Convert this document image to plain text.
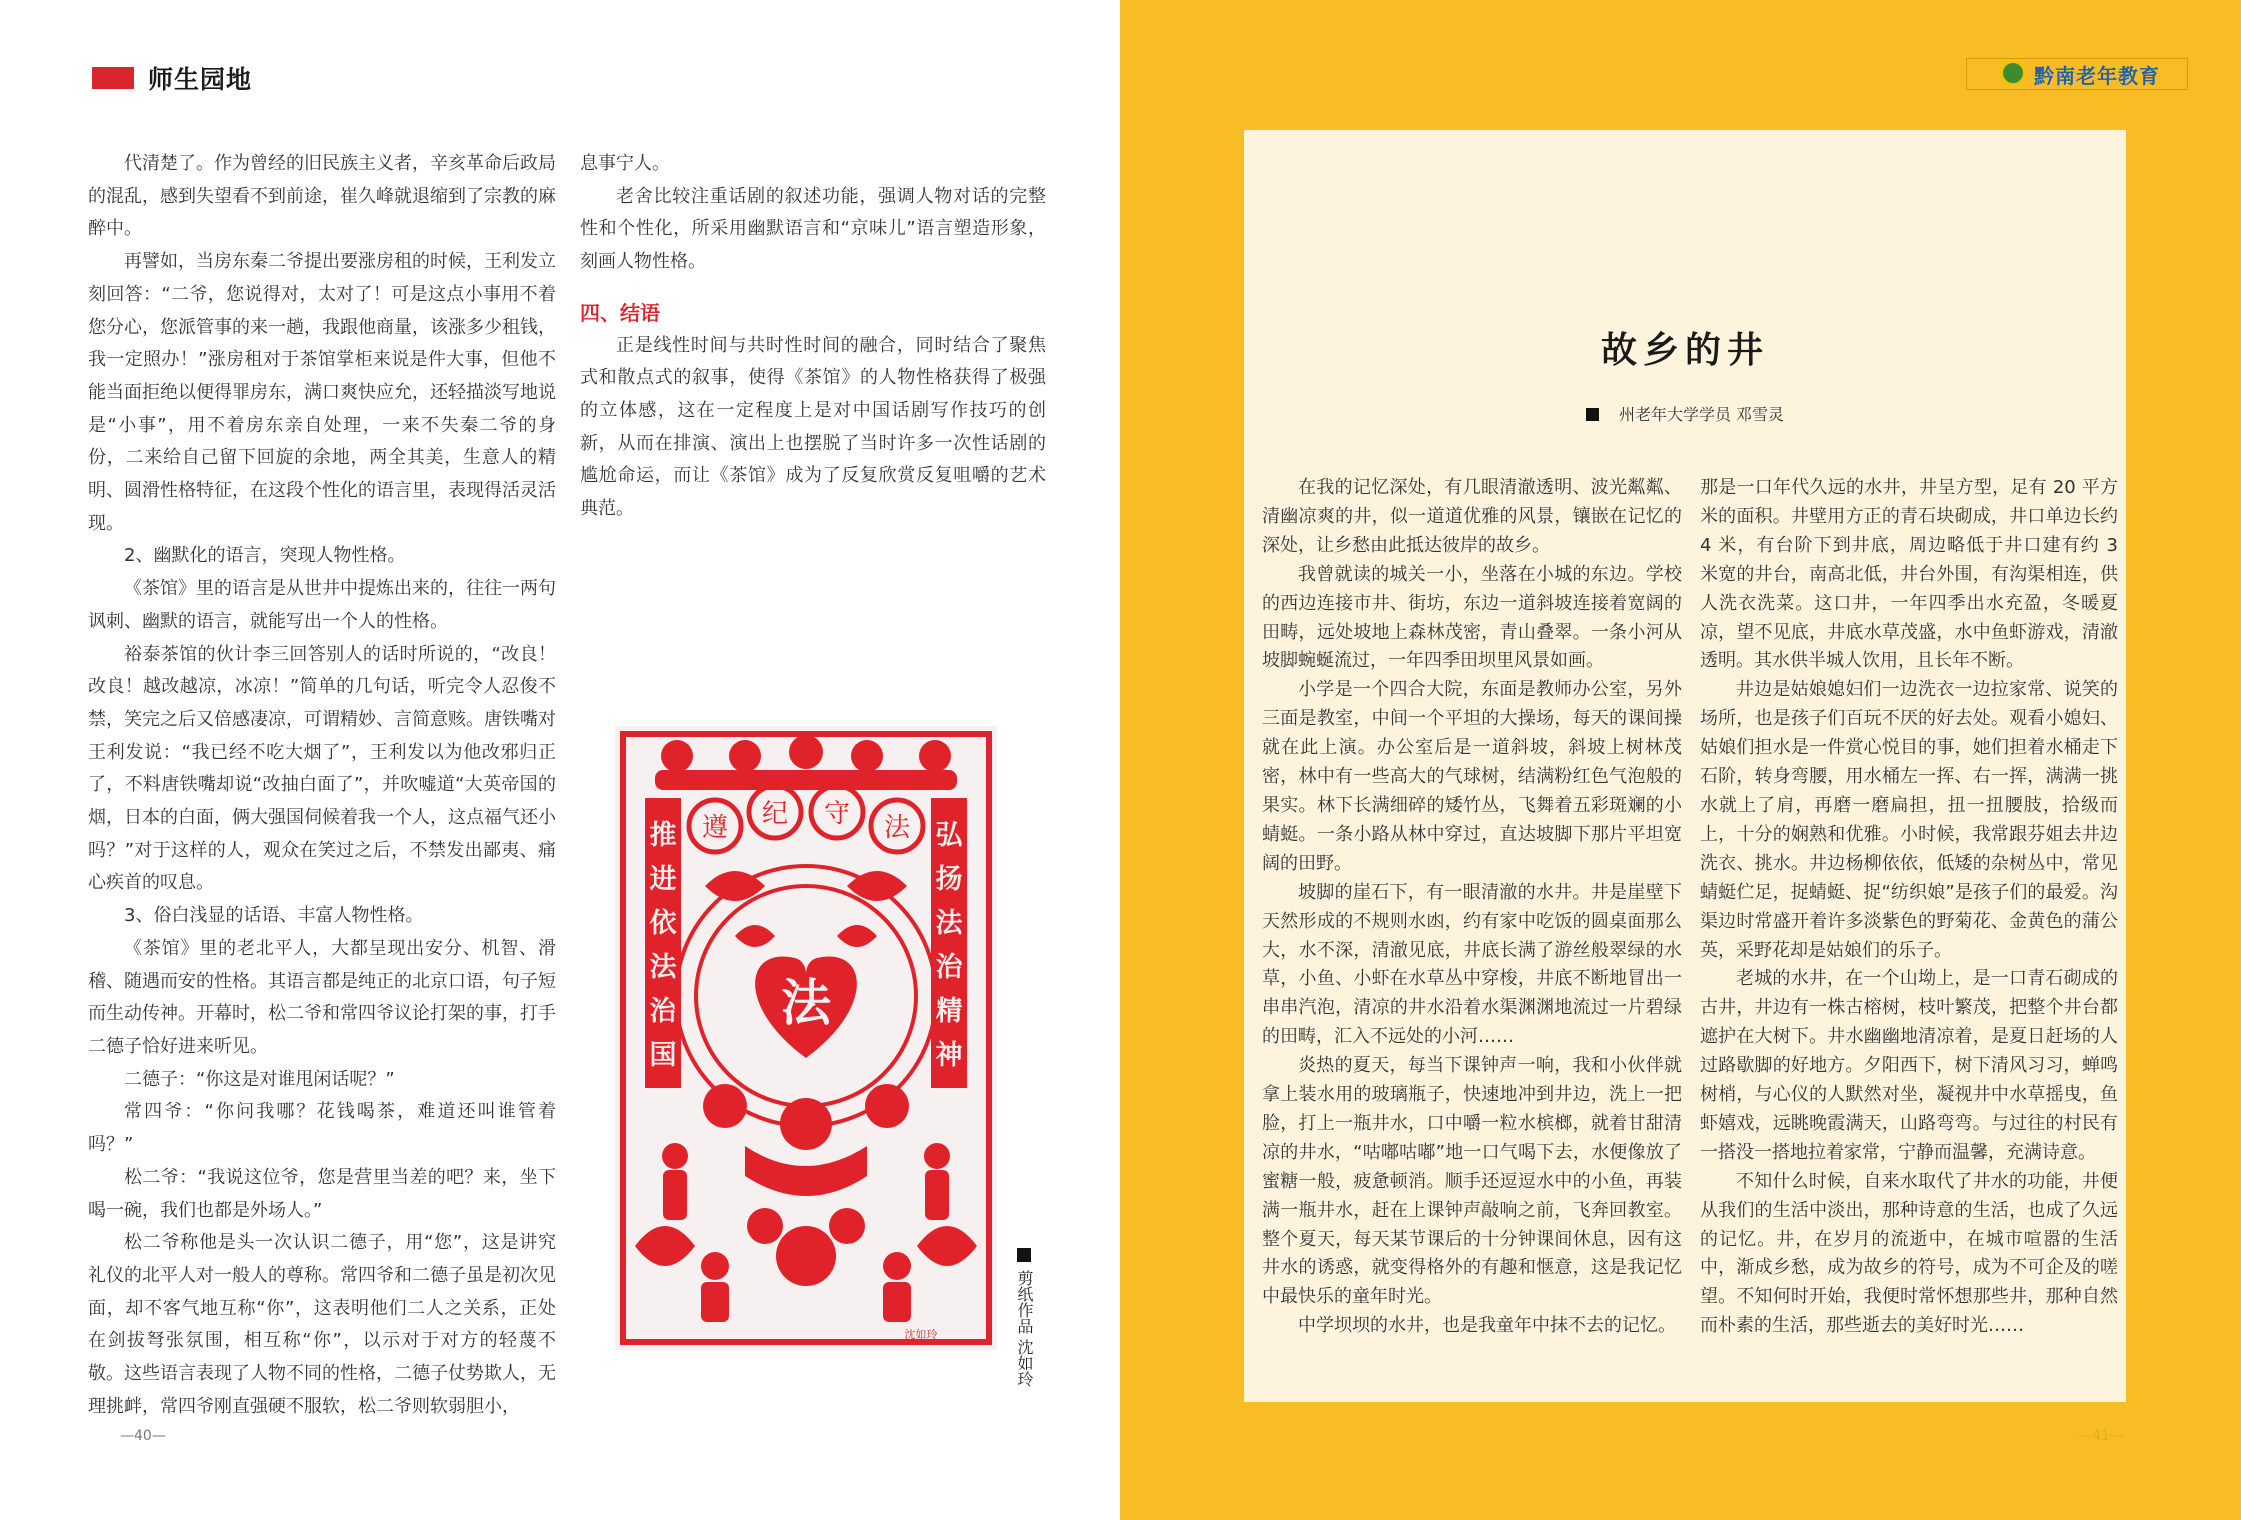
师生园地

代清楚了。作为曾经的旧民族主义者，辛亥革命后政局的混乱，感到失望看不到前途，崔久峰就退缩到了宗教的麻醉中。

再譬如，当房东秦二爷提出要涨房租的时候，王利发立刻回答：“二爷，您说得对，太对了！可是这点小事用不着您分心，您派管事的来一趟，我跟他商量，该涨多少租钱，我一定照办！”涨房租对于茶馆掌柜来说是件大事，但他不能当面拒绝以便得罪房东，满口爽快应允，还轻描淡写地说是“小事”，用不着房东亲自处理，一来不失秦二爷的身份，二来给自己留下回旋的余地，两全其美，生意人的精明、圆滑性格特征，在这段个性化的语言里，表现得活灵活现。

2、幽默化的语言，突现人物性格。

《茶馆》里的语言是从世井中提炼出来的，往往一两句讽刺、幽默的语言，就能写出一个人的性格。

裕泰茶馆的伙计李三回答别人的话时所说的，“改良！改良！越改越凉，冰凉！”简单的几句话，听完令人忍俊不禁，笑完之后又倍感凄凉，可谓精妙、言简意赅。唐铁嘴对王利发说：“我已经不吃大烟了”，王利发以为他改邪归正了，不料唐铁嘴却说“改抽白面了”，并吹嘘道“大英帝国的烟，日本的白面，俩大强国伺候着我一个人，这点福气还小吗？”对于这样的人，观众在笑过之后，不禁发出鄙夷、痛心疾首的叹息。

3、俗白浅显的话语、丰富人物性格。

《茶馆》里的老北平人，大都呈现出安分、机智、滑稽、随遇而安的性格。其语言都是纯正的北京口语，句子短而生动传神。开幕时，松二爷和常四爷议论打架的事，打手二德子恰好进来听见。

二德子：“你这是对谁甩闲话呢？”

常四爷：“你问我哪？花钱喝茶，难道还叫谁管着吗？”

松二爷：“我说这位爷，您是营里当差的吧？来，坐下喝一碗，我们也都是外场人。”

松二爷称他是头一次认识二德子，用“您”，这是讲究礼仪的北平人对一般人的尊称。常四爷和二德子虽是初次见面，却不客气地互称“你”，这表明他们二人之关系，正处在剑拔弩张氛围，相互称“你”，以示对于对方的轻蔑不敬。这些语言表现了人物不同的性格，二德子仗势欺人，无理挑衅，常四爷刚直强硬不服软，松二爷则软弱胆小，

息事宁人。

老舍比较注重话剧的叙述功能，强调人物对话的完整性和个性化，所采用幽默语言和“京味儿”语言塑造形象，刻画人物性格。

四、结语

正是线性时间与共时性时间的融合，同时结合了聚焦式和散点式的叙事，使得《茶馆》的人物性格获得了极强的立体感，这在一定程度上是对中国话剧写作技巧的创新，从而在排演、演出上也摆脱了当时许多一次性话剧的尴尬命运，而让《茶馆》成为了反复欣赏反复咀嚼的艺术典范。

推
进
依
法
治
国
弘
扬
法
治
精
神
遵 纪 守 法
法
沈如玲	剪纸作品 沈如玲
—40—
黔南老年教育
故乡的井
州老年大学学员 邓雪灵

在我的记忆深处，有几眼清澈透明、波光粼粼、清幽凉爽的井，似一道道优雅的风景，镶嵌在记忆的深处，让乡愁由此抵达彼岸的故乡。

我曾就读的城关一小，坐落在小城的东边。学校的西边连接市井、街坊，东边一道斜坡连接着宽阔的田畴，远处坡地上森林茂密，青山叠翠。一条小河从坡脚蜿蜒流过，一年四季田坝里风景如画。

小学是一个四合大院，东面是教师办公室，另外三面是教室，中间一个平坦的大操场，每天的课间操就在此上演。办公室后是一道斜坡，斜坡上树林茂密，林中有一些高大的气球树，结满粉红色气泡般的果实。林下长满细碎的矮竹丛，飞舞着五彩斑斓的小蜻蜓。一条小路从林中穿过，直达坡脚下那片平坦宽阔的田野。

坡脚的崖石下，有一眼清澈的水井。井是崖壁下天然形成的不规则水凼，约有家中吃饭的圆桌面那么大，水不深，清澈见底，井底长满了游丝般翠绿的水草，小鱼、小虾在水草丛中穿梭，井底不断地冒出一串串汽泡，清凉的井水沿着水渠渊渊地流过一片碧绿的田畴，汇入不远处的小河……

炎热的夏天，每当下课钟声一响，我和小伙伴就拿上装水用的玻璃瓶子，快速地冲到井边，洗上一把脸，打上一瓶井水，口中嚼一粒水槟榔，就着甘甜清凉的井水，“咕嘟咕嘟”地一口气喝下去，水便像放了蜜糖一般，疲惫顿消。顺手还逗逗水中的小鱼，再装满一瓶井水，赶在上课钟声敲响之前，飞奔回教室。整个夏天，每天某节课后的十分钟课间休息，因有这井水的诱惑，就变得格外的有趣和惬意，这是我记忆中最快乐的童年时光。

中学坝坝的水井，也是我童年中抹不去的记忆。

那是一口年代久远的水井，井呈方型，足有 20 平方米的面积。井壁用方正的青石块砌成，井口单边长约 4 米，有台阶下到井底，周边略低于井口建有约 3 米宽的井台，南高北低，井台外围，有沟渠相连，供人洗衣洗菜。这口井，一年四季出水充盈，冬暖夏凉，望不见底，井底水草茂盛，水中鱼虾游戏，清澈透明。其水供半城人饮用，且长年不断。

井边是姑娘媳妇们一边洗衣一边拉家常、说笑的场所，也是孩子们百玩不厌的好去处。观看小媳妇、姑娘们担水是一件赏心悦目的事，她们担着水桶走下石阶，转身弯腰，用水桶左一挥、右一挥，满满一挑水就上了肩，再磨一磨扁担，扭一扭腰肢，拾级而上，十分的娴熟和优雅。小时候，我常跟芬姐去井边洗衣、挑水。井边杨柳依依，低矮的杂树丛中，常见蜻蜓伫足，捉蜻蜓、捉“纺织娘”是孩子们的最爱。沟渠边时常盛开着许多淡紫色的野菊花、金黄色的蒲公英，采野花却是姑娘们的乐子。

老城的水井，在一个山坳上，是一口青石砌成的古井，井边有一株古榕树，枝叶繁茂，把整个井台都遮护在大树下。井水幽幽地清凉着，是夏日赶场的人过路歇脚的好地方。夕阳西下，树下清风习习，蝉鸣树梢，与心仪的人默然对坐，凝视井中水草摇曳，鱼虾嬉戏，远眺晚霞满天，山路弯弯。与过往的村民有一搭没一搭地拉着家常，宁静而温馨，充满诗意。

不知什么时候，自来水取代了井水的功能，井便从我们的生活中淡出，那种诗意的生活，也成了久远的记忆。井，在岁月的流逝中，在城市喧嚣的生活中，渐成乡愁，成为故乡的符号，成为不可企及的嗟望。不知何时开始，我便时常怀想那些井，那种自然而朴素的生活，那些逝去的美好时光……

—41—
